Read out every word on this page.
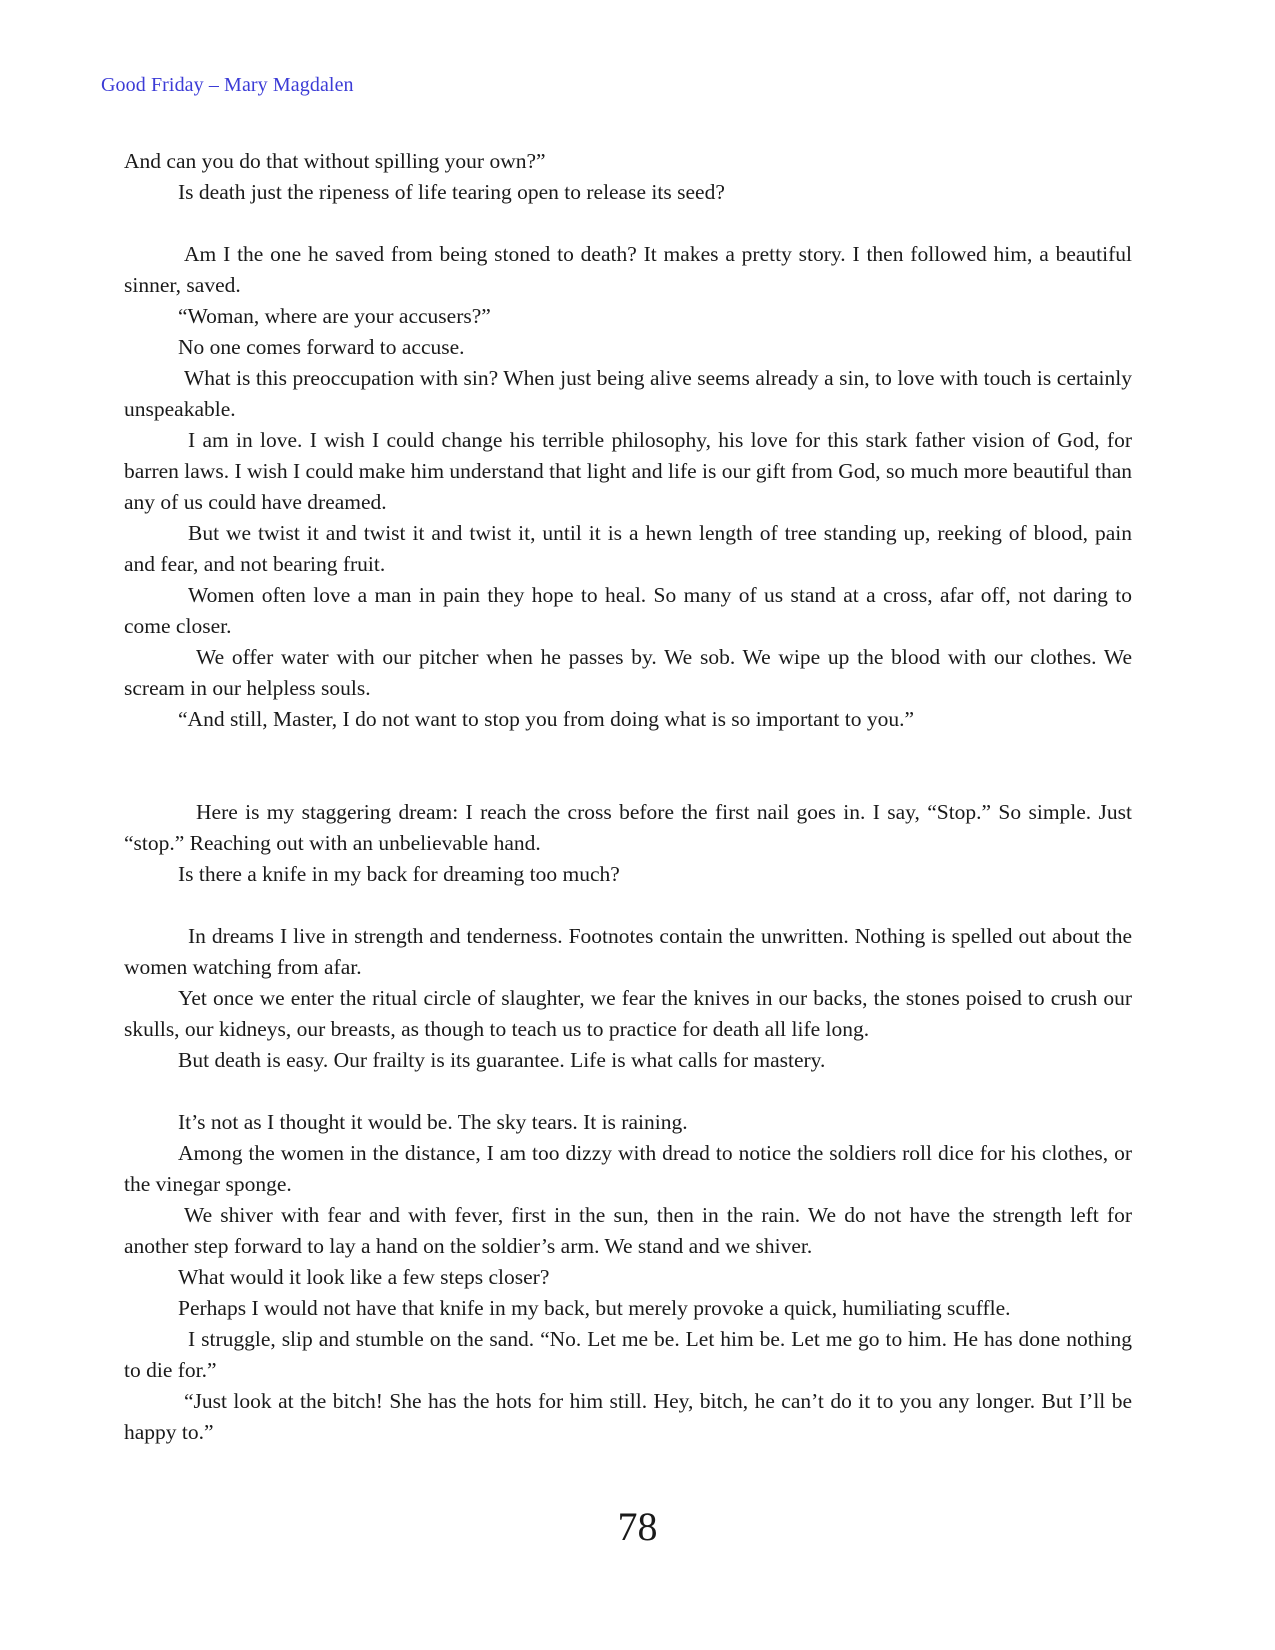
Good Friday – Mary Magdalen

And can you do that without spilling your own?”

Is death just the ripeness of life tearing open to release its seed?

Am I the one he saved from being stoned to death? It makes a pretty story. I then followed him, a beautiful sinner, saved.

“Woman, where are your accusers?”

No one comes forward to accuse.

What is this preoccupation with sin? When just being alive seems already a sin, to love with touch is certainly unspeakable.

I am in love. I wish I could change his terrible philosophy, his love for this stark father vision of God, for barren laws. I wish I could make him understand that light and life is our gift from God, so much more beautiful than any of us could have dreamed.

But we twist it and twist it and twist it, until it is a hewn length of tree standing up, reeking of blood, pain and fear, and not bearing fruit.

Women often love a man in pain they hope to heal. So many of us stand at a cross, afar off, not daring to come closer.

We offer water with our pitcher when he passes by. We sob. We wipe up the blood with our clothes. We scream in our helpless souls.

“And still, Master, I do not want to stop you from doing what is so important to you.”

Here is my staggering dream: I reach the cross before the first nail goes in. I say, “Stop.” So simple. Just “stop.” Reaching out with an unbelievable hand.

Is there a knife in my back for dreaming too much?

In dreams I live in strength and tenderness. Footnotes contain the unwritten. Nothing is spelled out about the women watching from afar.

Yet once we enter the ritual circle of slaughter, we fear the knives in our backs, the stones poised to crush our skulls, our kidneys, our breasts, as though to teach us to practice for death all life long.

But death is easy. Our frailty is its guarantee. Life is what calls for mastery.

It’s not as I thought it would be. The sky tears. It is raining.

Among the women in the distance, I am too dizzy with dread to notice the soldiers roll dice for his clothes, or the vinegar sponge.

We shiver with fear and with fever, first in the sun, then in the rain. We do not have the strength left for another step forward to lay a hand on the soldier’s arm. We stand and we shiver.

What would it look like a few steps closer?

Perhaps I would not have that knife in my back, but merely provoke a quick, humiliating scuffle.

I struggle, slip and stumble on the sand. “No. Let me be. Let him be. Let me go to him. He has done nothing to die for.”

“Just look at the bitch! She has the hots for him still. Hey, bitch, he can’t do it to you any longer. But I’ll be happy to.”

78
